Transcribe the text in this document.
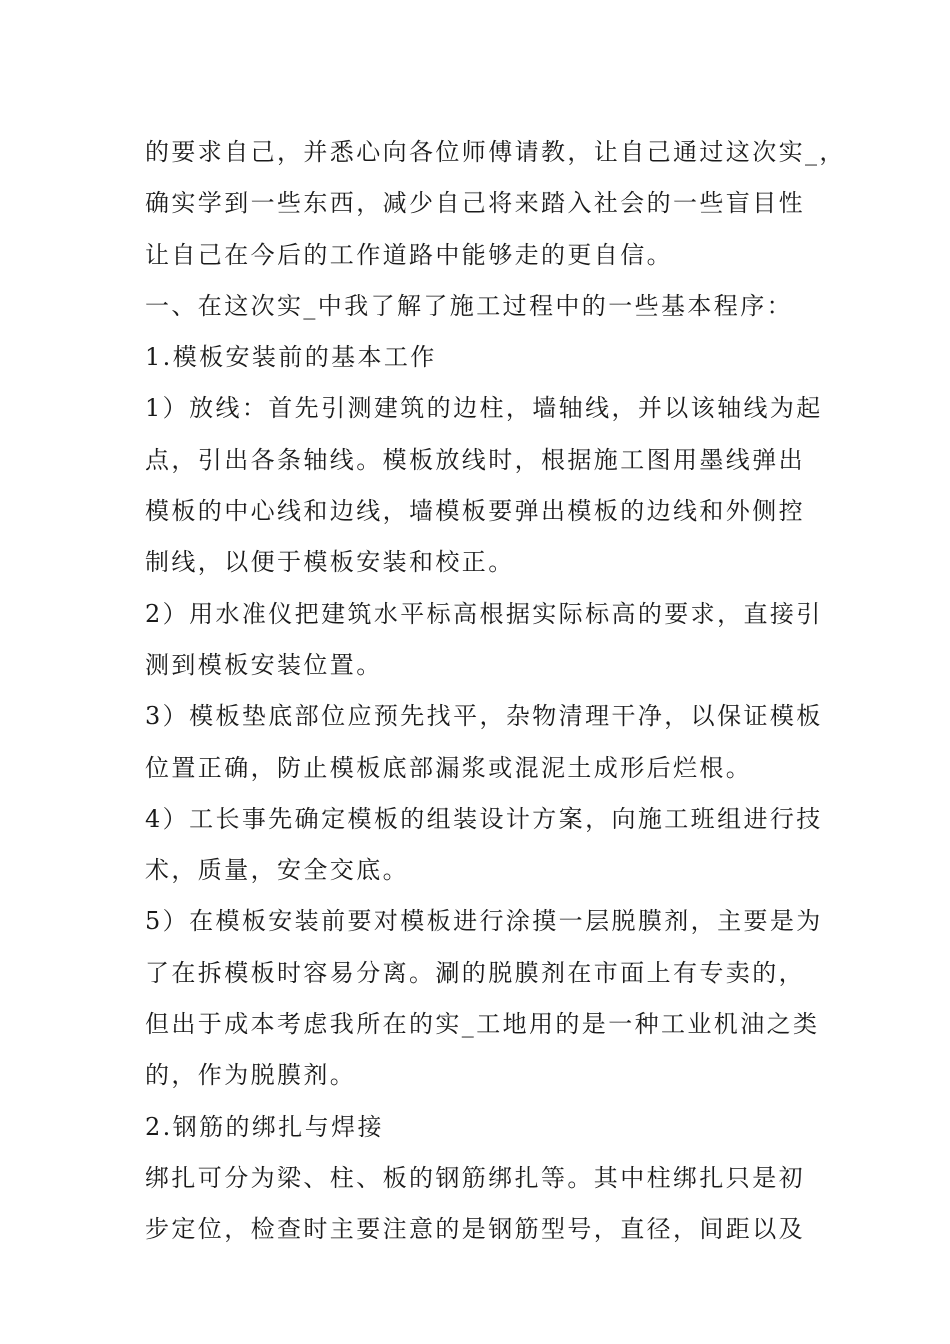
的要求自己，并悉心向各位师傅请教，让自己通过这次实_，
确实学到一些东西，减少自己将来踏入社会的一些盲目性
让自己在今后的工作道路中能够走的更自信。
一、在这次实_中我了解了施工过程中的一些基本程序：
1.模板安装前的基本工作
1）放线：首先引测建筑的边柱，墙轴线，并以该轴线为起
点，引出各条轴线。模板放线时，根据施工图用墨线弹出
模板的中心线和边线，墙模板要弹出模板的边线和外侧控
制线，以便于模板安装和校正。
2）用水准仪把建筑水平标高根据实际标高的要求，直接引
测到模板安装位置。
3）模板垫底部位应预先找平，杂物清理干净，以保证模板
位置正确，防止模板底部漏浆或混泥土成形后烂根。
4）工长事先确定模板的组装设计方案，向施工班组进行技
术，质量，安全交底。
5）在模板安装前要对模板进行涂摸一层脱膜剂，主要是为
了在拆模板时容易分离。涮的脱膜剂在市面上有专卖的，
但出于成本考虑我所在的实_工地用的是一种工业机油之类
的，作为脱膜剂。
2.钢筋的绑扎与焊接
绑扎可分为梁、柱、板的钢筋绑扎等。其中柱绑扎只是初
步定位，检查时主要注意的是钢筋型号，直径，间距以及
